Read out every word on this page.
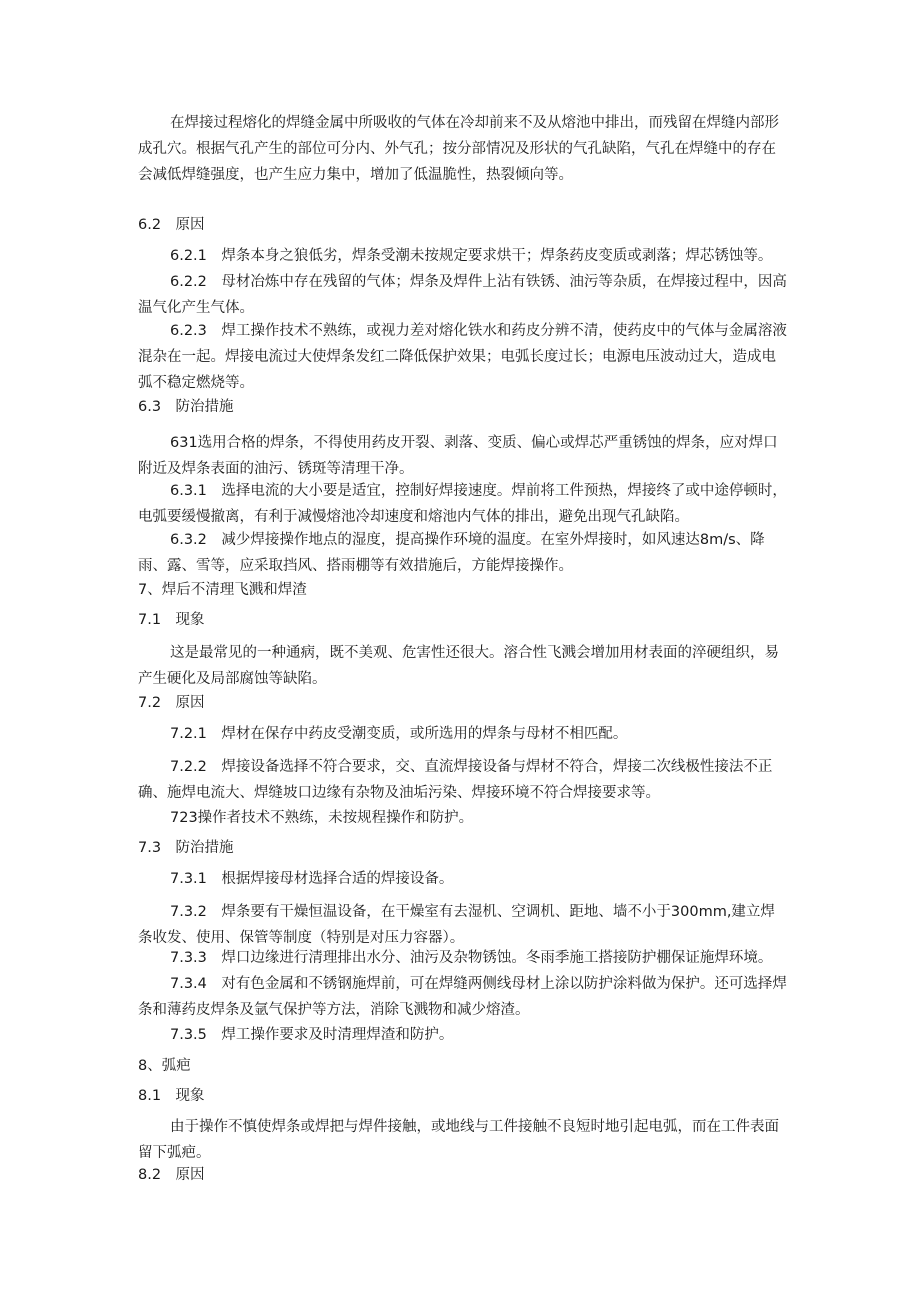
在焊接过程熔化的焊缝金属中所吸收的气体在冷却前来不及从熔池中排出，而残留在焊缝内部形成孔穴。根据气孔产生的部位可分内、外气孔；按分部情况及形状的气孔缺陷，气孔在焊缝中的存在会减低焊缝强度，也产生应力集中，增加了低温脆性，热裂倾向等。

6.2　原因

6.2.1　焊条本身之狼低劣，焊条受潮未按规定要求烘干；焊条药皮变质或剥落；焊芯锈蚀等。

6.2.2　母材冶炼中存在残留的气体；焊条及焊件上沾有铁锈、油污等杂质，在焊接过程中，因高温气化产生气体。

6.2.3　焊工操作技术不熟练，或视力差对熔化铁水和药皮分辨不清，使药皮中的气体与金属溶液混杂在一起。焊接电流过大使焊条发红二降低保护效果；电弧长度过长；电源电压波动过大，造成电弧不稳定燃烧等。

6.3　防治措施

631选用合格的焊条，不得使用药皮开裂、剥落、变质、偏心或焊芯严重锈蚀的焊条，应对焊口附近及焊条表面的油污、锈斑等清理干净。

6.3.1　选择电流的大小要是适宜，控制好焊接速度。焊前将工件预热，焊接终了或中途停顿时，电弧要缓慢撤离，有利于减慢熔池冷却速度和熔池内气体的排出，避免出现气孔缺陷。

6.3.2　减少焊接操作地点的湿度，提高操作环境的温度。在室外焊接时，如风速达8m∕s、降雨、露、雪等，应采取挡风、搭雨棚等有效措施后，方能焊接操作。

7、焊后不清理飞溅和焊渣

7.1　现象

这是最常见的一种通病，既不美观、危害性还很大。溶合性飞溅会增加用材表面的淬硬组织，易产生硬化及局部腐蚀等缺陷。

7.2　原因

7.2.1　焊材在保存中药皮受潮变质，或所选用的焊条与母材不相匹配。

7.2.2　焊接设备选择不符合要求，交、直流焊接设备与焊材不符合，焊接二次线极性接法不正确、施焊电流大、焊缝坡口边缘有杂物及油垢污染、焊接环境不符合焊接要求等。

723操作者技术不熟练，未按规程操作和防护。

7.3　防治措施

7.3.1　根据焊接母材选择合适的焊接设备。

7.3.2　焊条要有干燥恒温设备，在干燥室有去湿机、空调机、距地、墙不小于300mm,建立焊条收发、使用、保管等制度（特别是对压力容器）。

7.3.3　焊口边缘进行清理排出水分、油污及杂物锈蚀。冬雨季施工搭接防护棚保证施焊环境。

7.3.4　对有色金属和不锈钢施焊前，可在焊缝两侧线母材上涂以防护涂料做为保护。还可选择焊条和薄药皮焊条及氩气保护等方法，消除飞溅物和减少熔渣。

7.3.5　焊工操作要求及时清理焊渣和防护。

8、弧疤

8.1　现象

由于操作不慎使焊条或焊把与焊件接触，或地线与工件接触不良短时地引起电弧，而在工件表面留下弧疤。

8.2　原因
